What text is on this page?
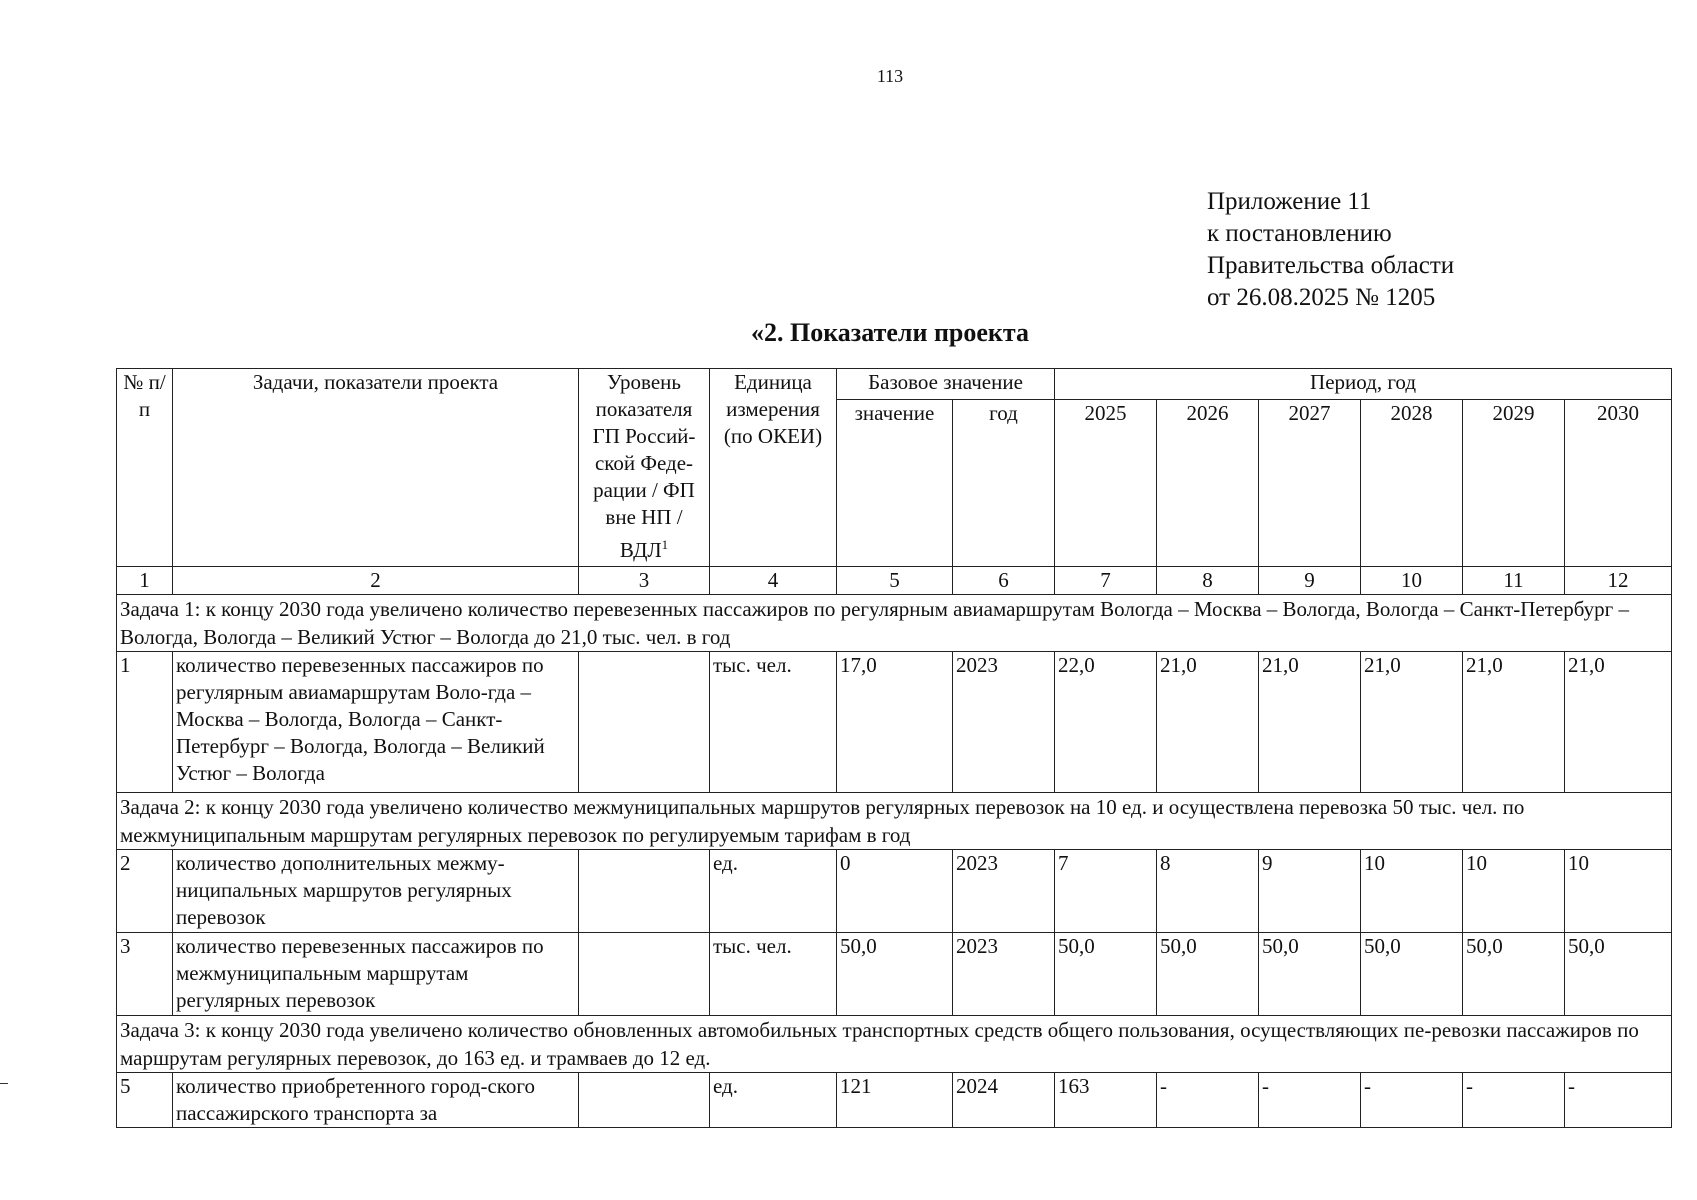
113
Приложение 11
к постановлению
Правительства области
от 26.08.2025 № 1205
«2. Показатели проекта
№ п/п	Задачи, показатели проекта	Уровень показателя ГП Россий-ской Феде-рации / ФП вне НП / ВДЛ$^1$	Единица измерения (по ОКЕИ)	Базовое значение		Период, год					
				значение	год	2025	2026	2027	2028	2029	2030
1	2	3	4	5	6	7	8	9	10	11	12
Задача 1: к концу 2030 года увеличено количество перевезенных пассажиров по регулярным авиамаршрутам Вологда – Москва – Вологда, Вологда – Санкт-Петербург – Вологда, Вологда – Великий Устюг – Вологда до 21,0 тыс. чел. в год											
1	количество перевезенных пассажиров по регулярным авиамаршрутам Воло-гда – Москва – Вологда, Вологда – Санкт-Петербург – Вологда, Вологда – Великий Устюг – Вологда		тыс. чел.	17,0	2023	22,0	21,0	21,0	21,0	21,0	21,0
Задача 2: к концу 2030 года увеличено количество межмуниципальных маршрутов регулярных перевозок на 10 ед. и осуществлена перевозка 50 тыс. чел. по межмуниципальным маршрутам регулярных перевозок по регулируемым тарифам в год											
2	количество дополнительных межму-ниципальных маршрутов регулярных перевозок		ед.	0	2023	7	8	9	10	10	10
3	количество перевезенных пассажиров по межмуниципальным маршрутам регулярных перевозок		тыс. чел.	50,0	2023	50,0	50,0	50,0	50,0	50,0	50,0
Задача 3: к концу 2030 года увеличено количество обновленных автомобильных транспортных средств общего пользования, осуществляющих пе-ревозки пассажиров по маршрутам регулярных перевозок, до 163 ед. и трамваев до 12 ед.											
5	количество приобретенного город-ского пассажирского транспорта за		ед.	121	2024	163	-	-	-	-	-
